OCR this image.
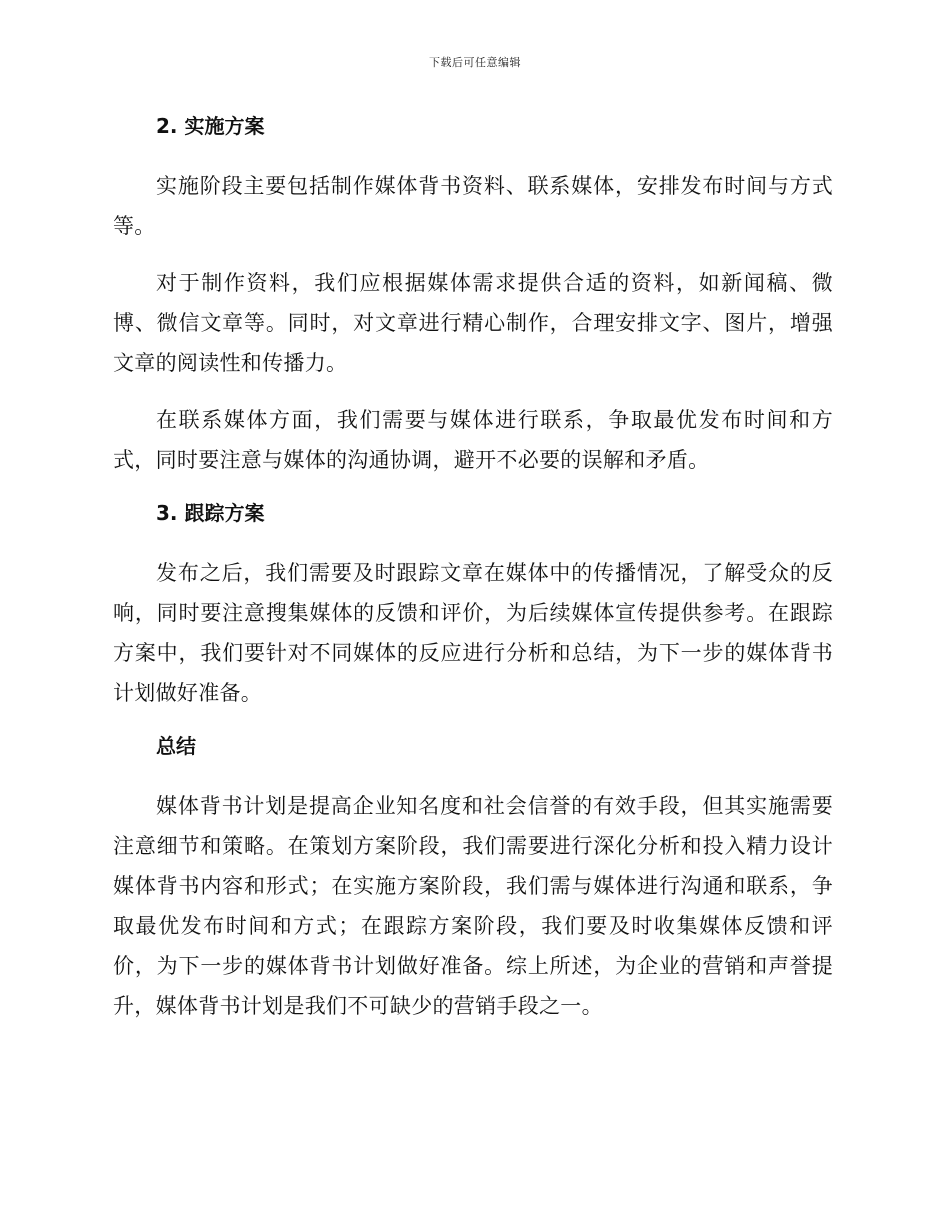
下载后可任意编辑
2. 实施方案

实施阶段主要包括制作媒体背书资料、联系媒体，安排发布时间与方式等。

对于制作资料，我们应根据媒体需求提供合适的资料，如新闻稿、微博、微信文章等。同时，对文章进行精心制作，合理安排文字、图片，增强文章的阅读性和传播力。

在联系媒体方面，我们需要与媒体进行联系，争取最优发布时间和方式，同时要注意与媒体的沟通协调，避开不必要的误解和矛盾。

3. 跟踪方案

发布之后，我们需要及时跟踪文章在媒体中的传播情况，了解受众的反响，同时要注意搜集媒体的反馈和评价，为后续媒体宣传提供参考。在跟踪方案中，我们要针对不同媒体的反应进行分析和总结，为下一步的媒体背书计划做好准备。

总结

媒体背书计划是提高企业知名度和社会信誉的有效手段，但其实施需要注意细节和策略。在策划方案阶段，我们需要进行深化分析和投入精力设计媒体背书内容和形式；在实施方案阶段，我们需与媒体进行沟通和联系，争取最优发布时间和方式；在跟踪方案阶段，我们要及时收集媒体反馈和评价，为下一步的媒体背书计划做好准备。综上所述，为企业的营销和声誉提升，媒体背书计划是我们不可缺少的营销手段之一。
